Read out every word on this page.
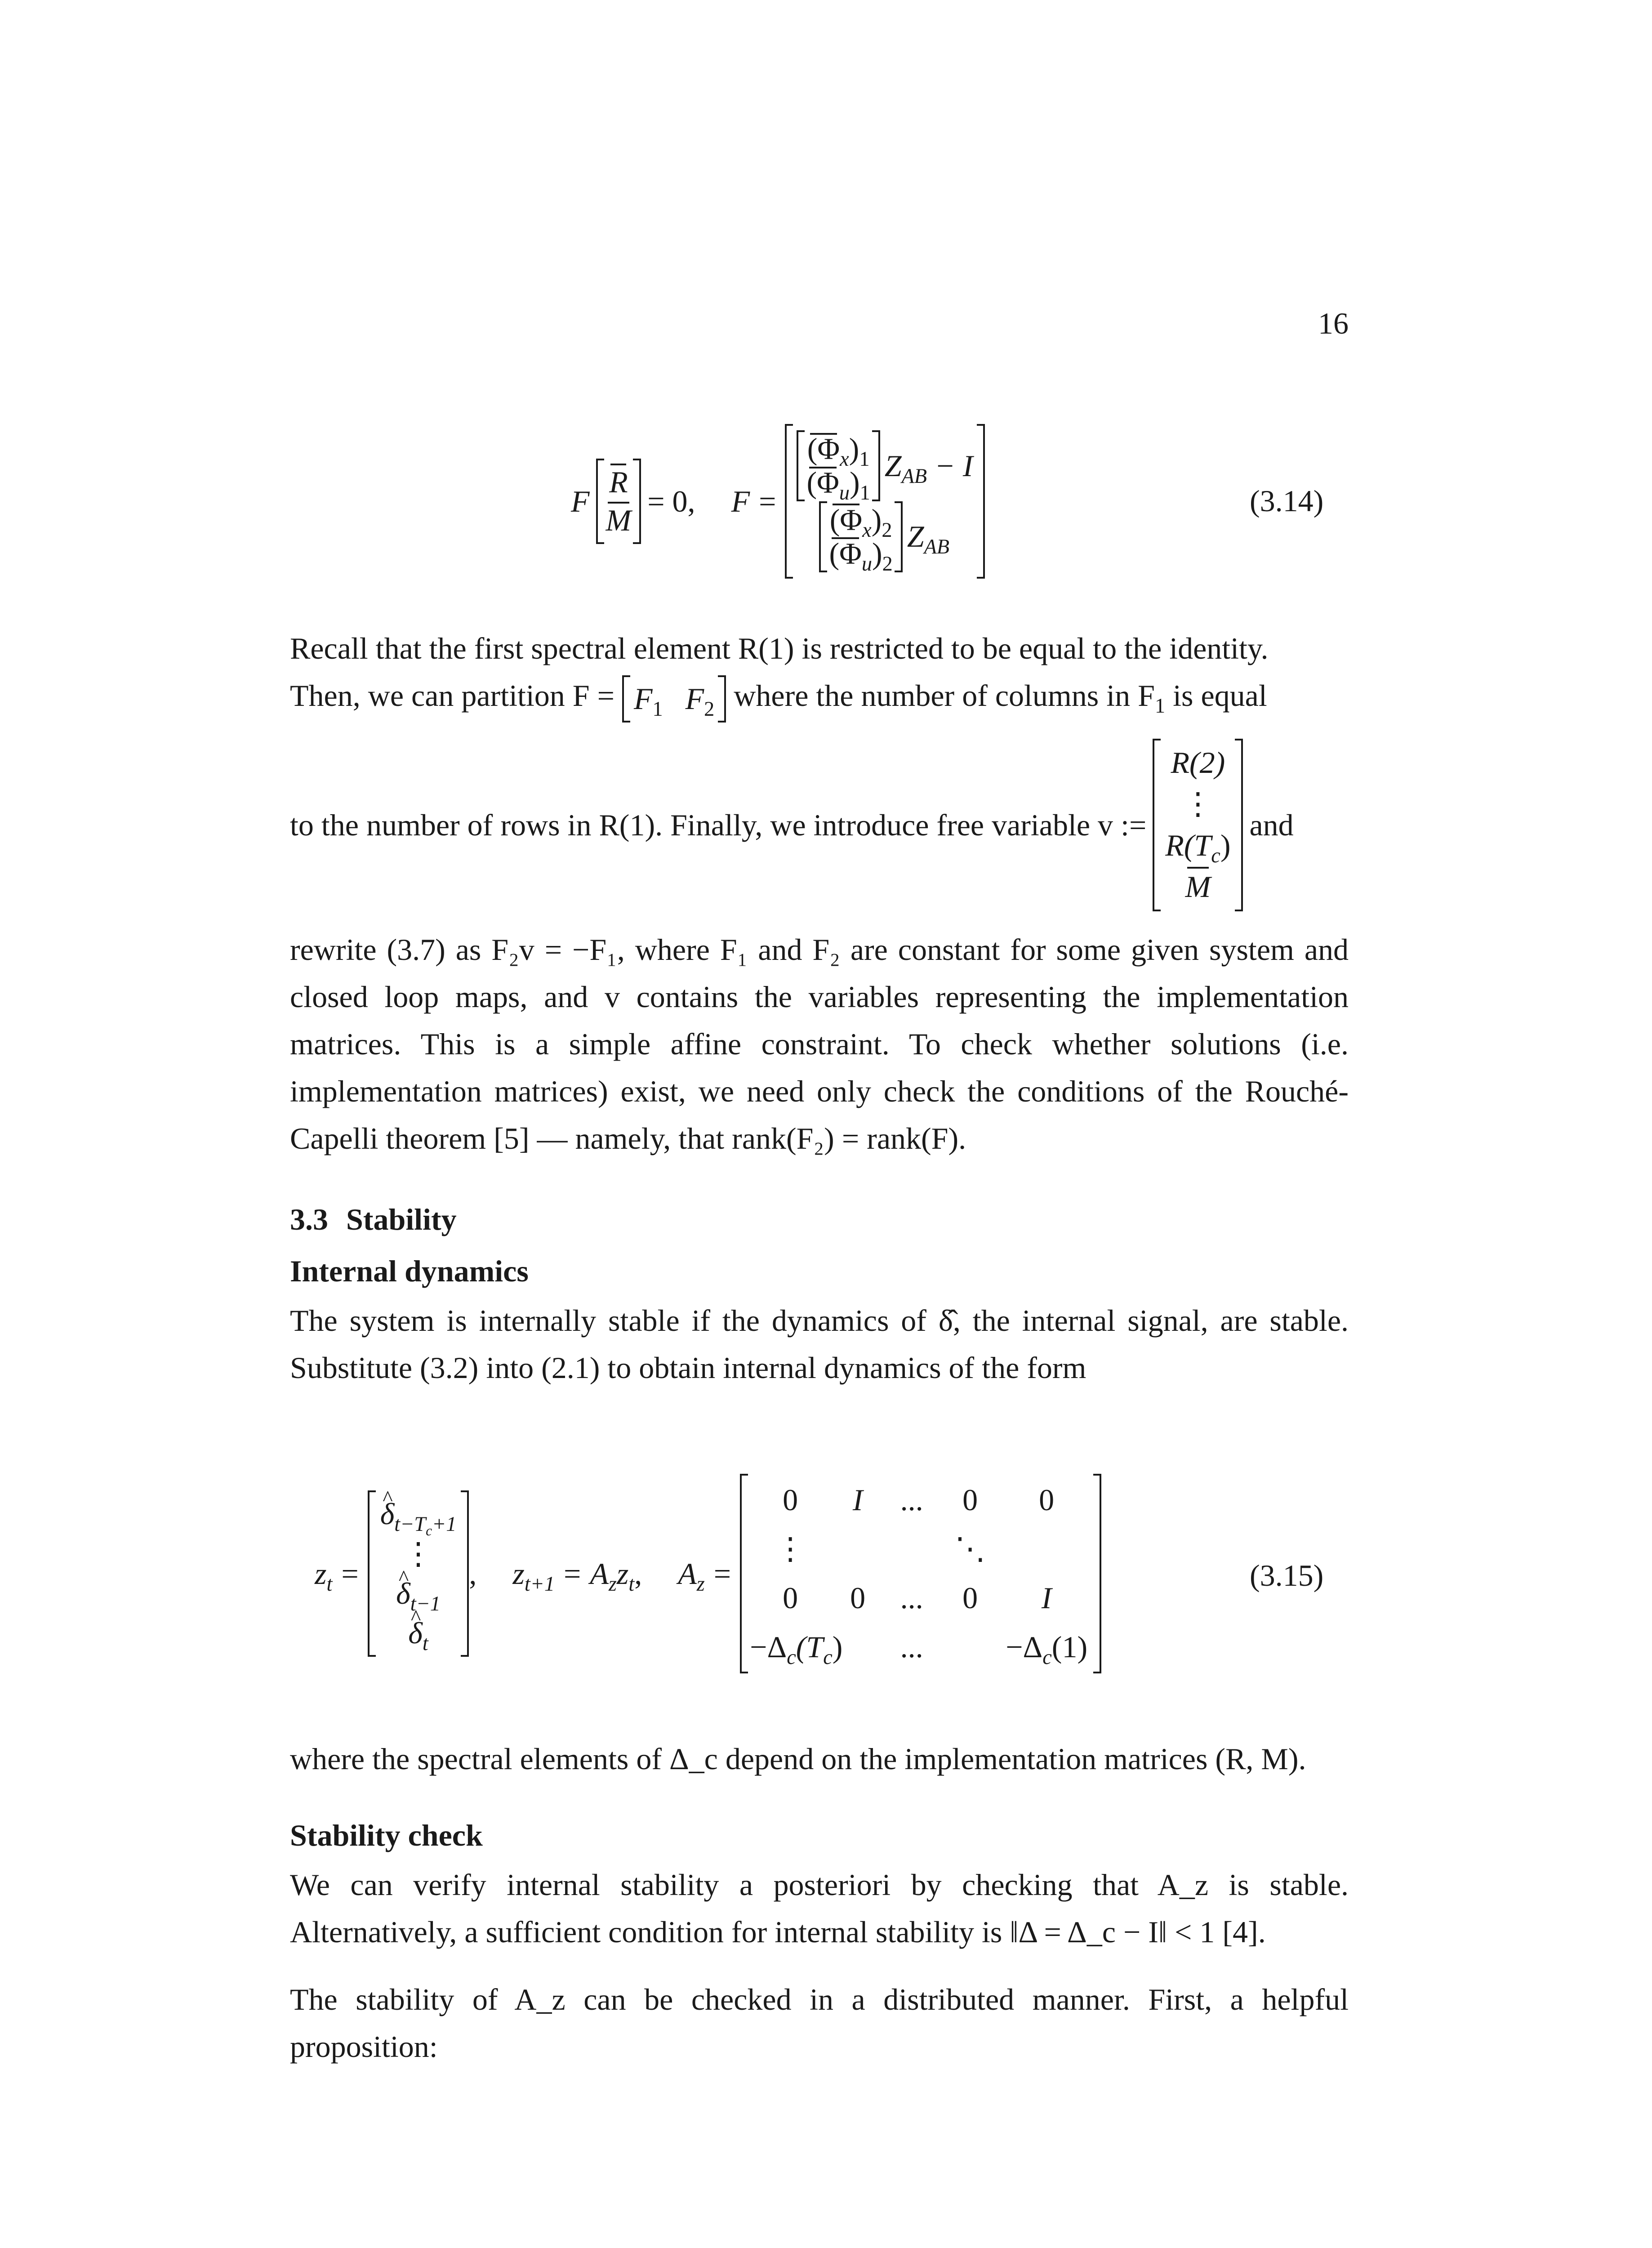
16
F
R
M
= 0, F =
$(\Phi_x)_1$
$(\Phi_u)_1$
$Z_{AB} - I$
$(\Phi_x)_2$
$(\Phi_u)_2$
$Z_{AB}$
(3.14)
Recall that the first spectral element R(1) is restricted to be equal to the identity.
Then, we can partition $F = F_1$ $F_2$ where the number of columns in $F_1$ is equal
to the number of rows in R(1). Finally, we introduce free variable v :=
R(2)
⋮
$R(T_c)$
M
and
rewrite (3.7) as F₂v = −F₁, where F₁ and F₂ are constant for some given system and closed loop maps, and v contains the variables representing the implementation matrices. This is a simple affine constraint. To check whether solutions (i.e. implementation matrices) exist, we need only check the conditions of the Rouché-Capelli theorem [5] — namely, that rank(F₂) = rank(F).
3.3 Stability
Internal dynamics
The system is internally stable if the dynamics of δ̂, the internal signal, are stable. Substitute (3.2) into (2.1) to obtain internal dynamics of the form
$z_t$ =
^ $\delta_{t-T_c+1}$
⋮
^ $\delta_{t-1}$
^ $\delta_t$
, $z_{t+1} = A_zz_t$ , $A_z$ =
0 I ... 0 0
⋮	⋱
0 0 ... 0 I
$-\Delta_c(T_c)$ ...	$-\Delta_c(1)$
(3.15)
where the spectral elements of Δ_c depend on the implementation matrices (R, M).
Stability check
We can verify internal stability a posteriori by checking that A_z is stable. Alternatively, a sufficient condition for internal stability is ‖Δ = Δ_c − I‖ < 1 [4].
The stability of A_z can be checked in a distributed manner. First, a helpful proposition:
